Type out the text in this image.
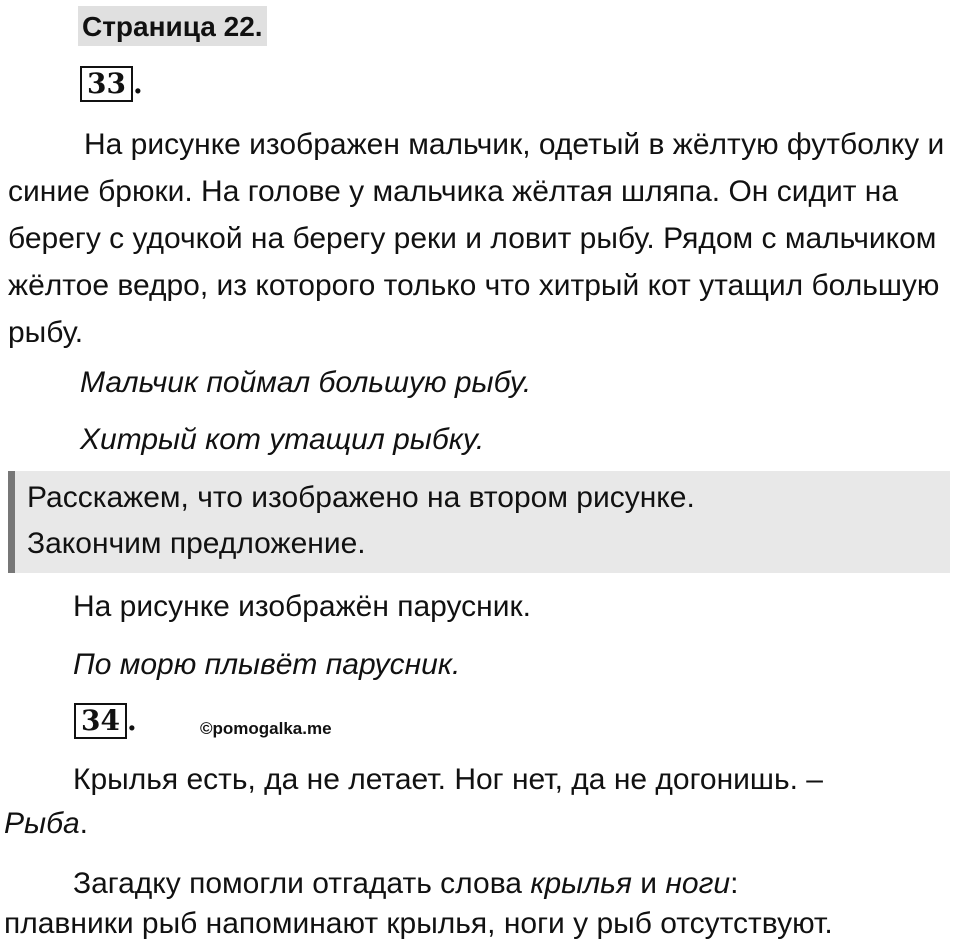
Страница 22.
33 .

На рисунке изображен мальчик, одетый в жёлтую футболку и синие брюки. На голове у мальчика жёлтая шляпа. Он сидит на берегу с удочкой на берегу реки и ловит рыбу. Рядом с мальчиком жёлтое ведро, из которого только что хитрый кот утащил большую рыбу.

Мальчик поймал большую рыбу.
Хитрый кот утащил рыбку.
Расскажем, что изображено на втором рисунке.
Закончим предложение.
На рисунке изображён парусник.
По морю плывёт парусник.
34 .	©pomogalka.me
Крылья есть, да не летает. Ног нет, да не догонишь. –
Рыба.
Загадку помогли отгадать слова крылья и ноги:
плавники рыб напоминают крылья, ноги у рыб отсутствуют.
